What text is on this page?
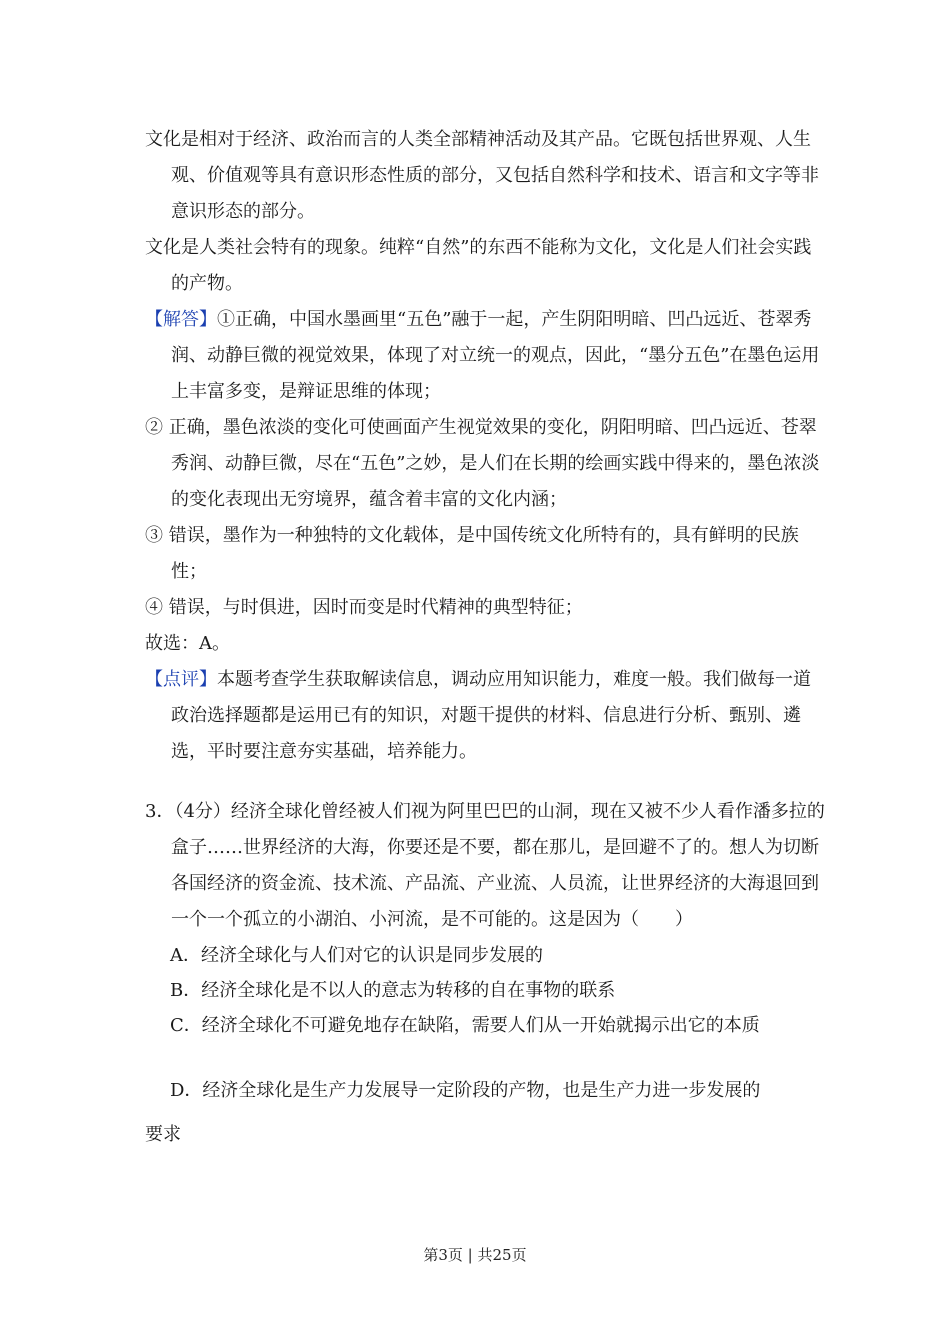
文化是相对于经济、政治而言的人类全部精神活动及其产品。它既包括世界观、人生观、价值观等具有意识形态性质的部分，又包括自然科学和技术、语言和文字等非意识形态的部分。

文化是人类社会特有的现象。纯粹“自然”的东西不能称为文化，文化是人们社会实践的产物。

【解答】①正确，中国水墨画里“五色”融于一起，产生阴阳明暗、凹凸远近、苍翠秀润、动静巨微的视觉效果，体现了对立统一的观点，因此，“墨分五色”在墨色运用上丰富多变，是辩证思维的体现；

② 正确，墨色浓淡的变化可使画面产生视觉效果的变化，阴阳明暗、凹凸远近、苍翠秀润、动静巨微，尽在“五色”之妙，是人们在长期的绘画实践中得来的，墨色浓淡的变化表现出无穷境界，蕴含着丰富的文化内涵；

③ 错误，墨作为一种独特的文化载体，是中国传统文化所特有的，具有鲜明的民族性；

④ 错误，与时俱进，因时而变是时代精神的典型特征；

故选：A。

【点评】本题考查学生获取解读信息，调动应用知识能力，难度一般。我们做每一道政治选择题都是运用已有的知识，对题干提供的材料、信息进行分析、甄别、遴选，平时要注意夯实基础，培养能力。

3．（4分）经济全球化曾经被人们视为阿里巴巴的山洞，现在又被不少人看作潘多拉的盒子……世界经济的大海，你要还是不要，都在那儿，是回避不了的。想人为切断各国经济的资金流、技术流、产品流、产业流、人员流，让世界经济的大海退回到一个一个孤立的小湖泊、小河流，是不可能的。这是因为（　　）

A．经济全球化与人们对它的认识是同步发展的

B．经济全球化是不以人的意志为转移的自在事物的联系

C．经济全球化不可避免地存在缺陷，需要人们从一开始就揭示出它的本质

D．经济全球化是生产力发展导一定阶段的产物，也是生产力进一步发展的

要求

第3页 | 共25页
